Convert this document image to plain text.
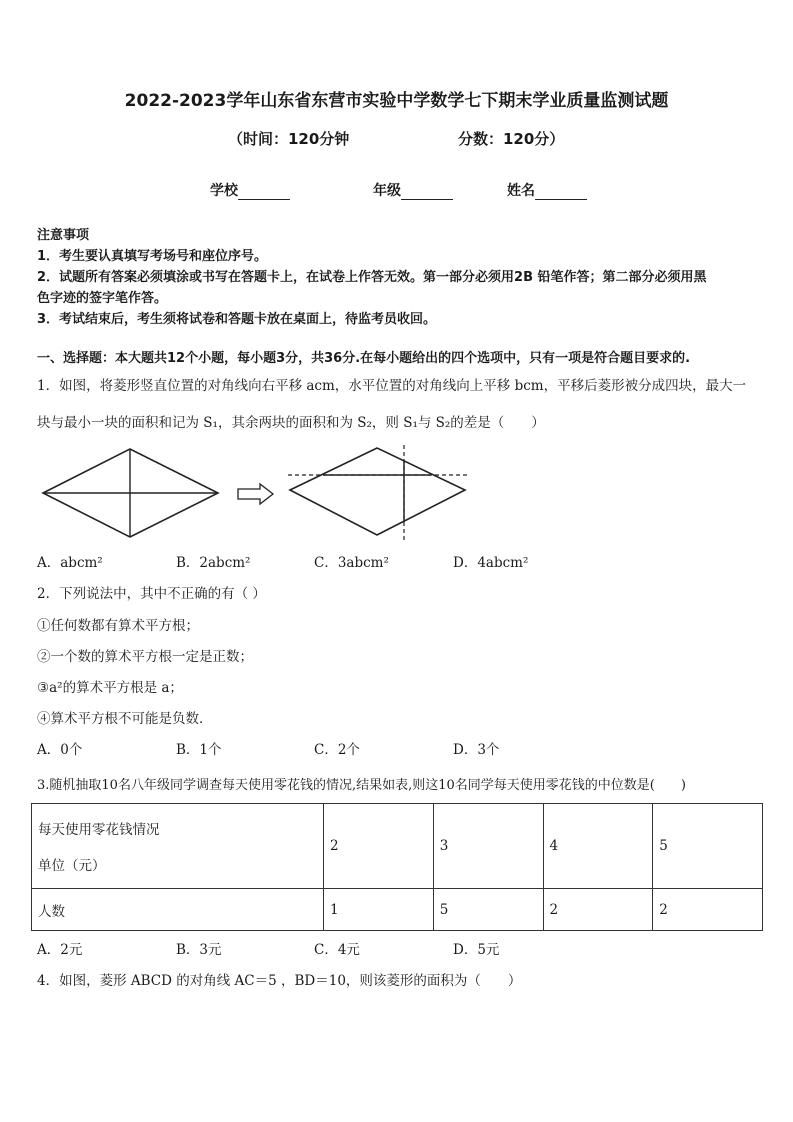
2022-2023学年山东省东营市实验中学数学七下期末学业质量监测试题
（时间：120分钟	分数：120分）
学校	年级	姓名
注意事项
1．考生要认真填写考场号和座位序号。
2．试题所有答案必须填涂或书写在答题卡上，在试卷上作答无效。第一部分必须用2B 铅笔作答；第二部分必须用黑
色字迹的签字笔作答。
3．考试结束后，考生须将试卷和答题卡放在桌面上，待监考员收回。
一、选择题：本大题共12个小题，每小题3分，共36分.在每小题给出的四个选项中，只有一项是符合题目要求的.
1．如图，将菱形竖直位置的对角线向右平移 acm，水平位置的对角线向上平移 bcm，平移后菱形被分成四块，最大一
块与最小一块的面积和记为 S₁，其余两块的面积和为 S₂，则 S₁与 S₂的差是（　　）
A．abcm²	B．2abcm²	C．3abcm²	D．4abcm²
2．下列说法中，其中不正确的有（ ）
①任何数都有算术平方根；
②一个数的算术平方根一定是正数；
③a²的算术平方根是 a；
④算术平方根不可能是负数．
A．0个	B．1个	C．2个	D．3个
3.随机抽取10名八年级同学调查每天使用零花钱的情况,结果如表,则这10名同学每天使用零花钱的中位数是(　　)
每天使用零花钱情况
单位（元）	2	3	4	5
人数	1	5	2	2
A．2元	B．3元	C．4元	D．5元
4．如图，菱形 ABCD 的对角线 AC＝5 ，BD＝10，则该菱形的面积为（　　）
